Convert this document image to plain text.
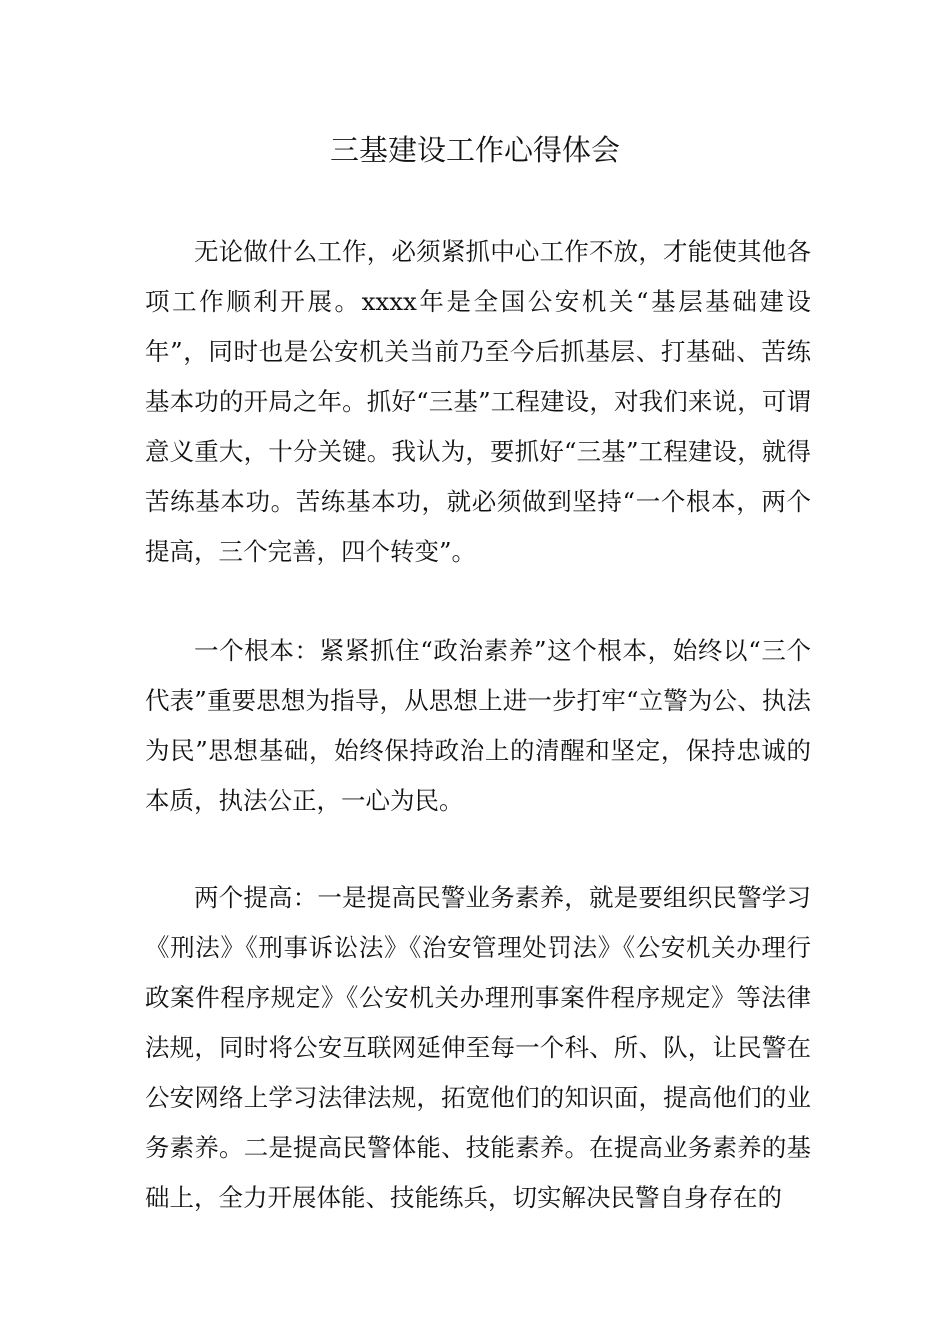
三基建设工作心得体会

无论做什么工作，必须紧抓中心工作不放，才能使其他各项工作顺利开展。xxxx年是全国公安机关“基层基础建设年”，同时也是公安机关当前乃至今后抓基层、打基础、苦练基本功的开局之年。抓好“三基”工程建设，对我们来说，可谓意义重大，十分关键。我认为，要抓好“三基”工程建设，就得苦练基本功。苦练基本功，就必须做到坚持“一个根本，两个提高，三个完善，四个转变”。

一个根本：紧紧抓住“政治素养”这个根本，始终以“三个代表”重要思想为指导，从思想上进一步打牢“立警为公、执法为民”思想基础，始终保持政治上的清醒和坚定，保持忠诚的本质，执法公正，一心为民。

两个提高：一是提高民警业务素养，就是要组织民警学习《刑法》《刑事诉讼法》《治安管理处罚法》《公安机关办理行政案件程序规定》《公安机关办理刑事案件程序规定》等法律法规，同时将公安互联网延伸至每一个科、所、队，让民警在公安网络上学习法律法规，拓宽他们的知识面，提高他们的业务素养。二是提高民警体能、技能素养。在提高业务素养的基础上，全力开展体能、技能练兵，切实解决民警自身存在的
